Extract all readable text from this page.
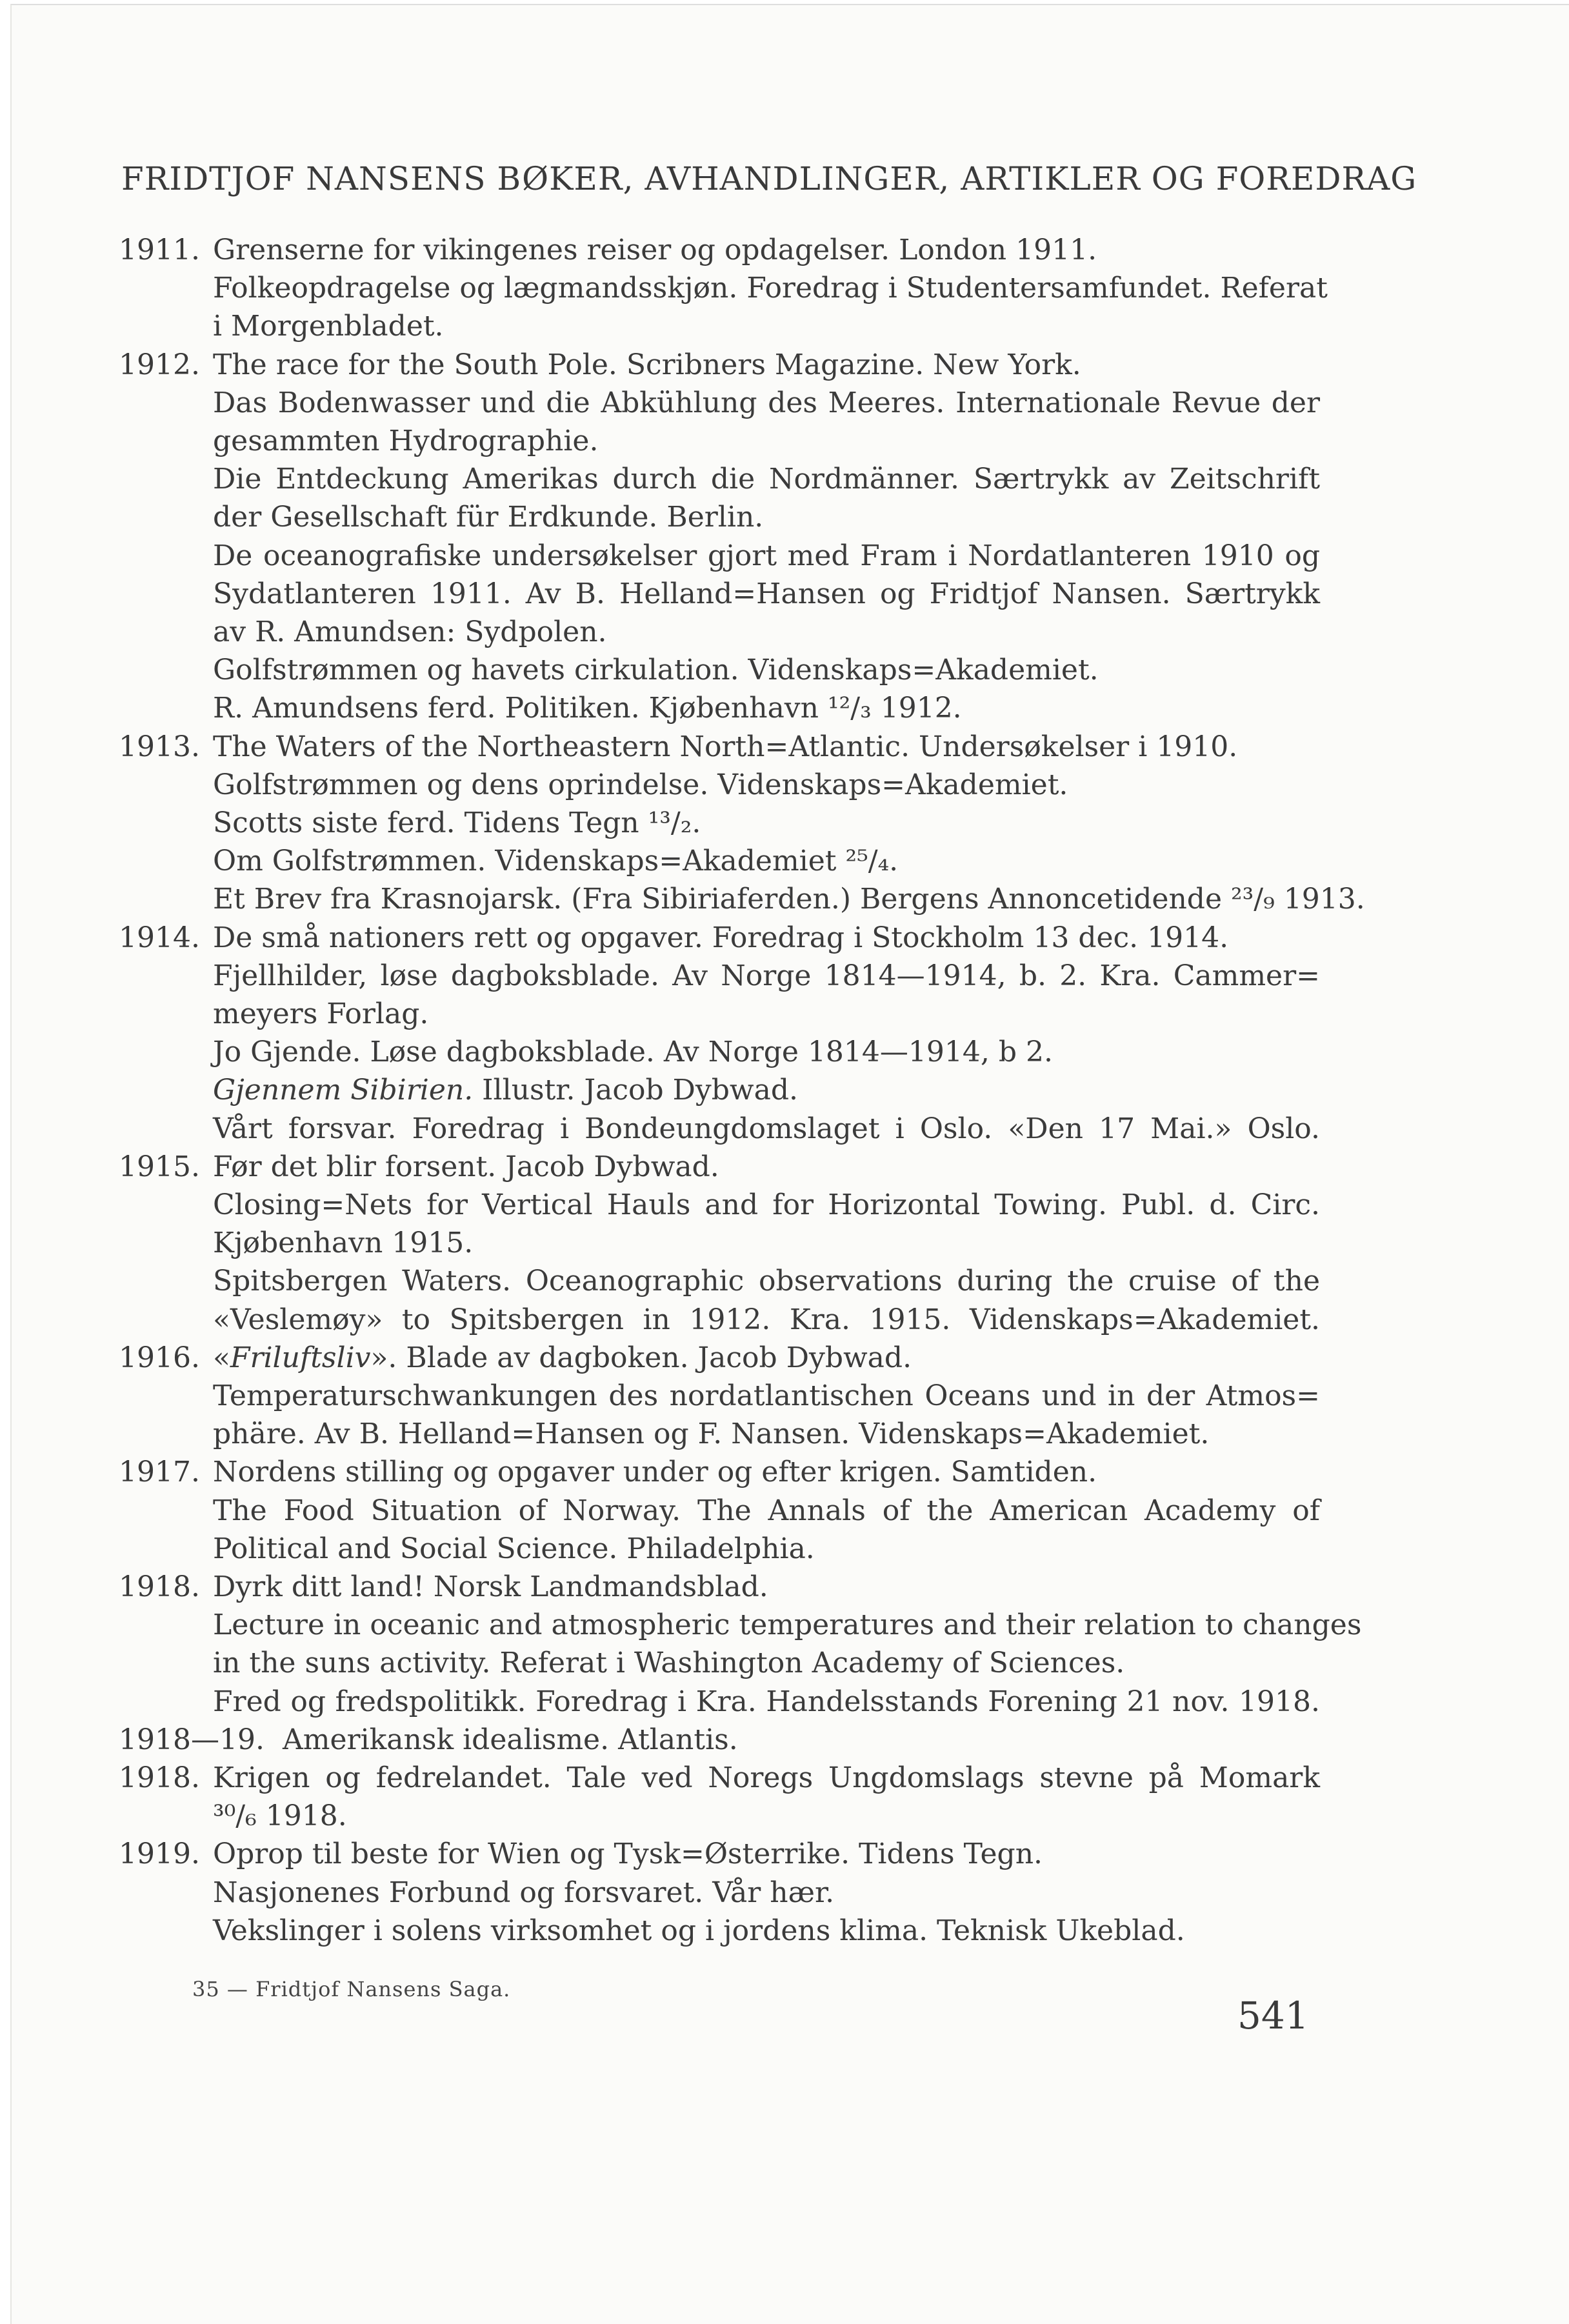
FRIDTJOF NANSENS BØKER, AVHANDLINGER, ARTIKLER OG FOREDRAG
1911. Grenserne for vikingenes reiser og opdagelser. London 1911.
Folkeopdragelse og lægmandsskjøn. Foredrag i Studentersamfundet. Referat
i Morgenbladet.
1912. The race for the South Pole. Scribners Magazine. New York.
Das Bodenwasser und die Abkühlung des Meeres. Internationale Revue der
gesammten Hydrographie.
Die Entdeckung Amerikas durch die Nordmänner. Særtrykk av Zeitschrift
der Gesellschaft für Erdkunde. Berlin.
De oceanografiske undersøkelser gjort med Fram i Nordatlanteren 1910 og
Sydatlanteren 1911. Av B. Helland=Hansen og Fridtjof Nansen. Særtrykk
av R. Amundsen: Sydpolen.
Golfstrømmen og havets cirkulation. Videnskaps=Akademiet.
R. Amundsens ferd. Politiken. Kjøbenhavn ¹²/₃ 1912.
1913. The Waters of the Northeastern North=Atlantic. Undersøkelser i 1910.
Golfstrømmen og dens oprindelse. Videnskaps=Akademiet.
Scotts siste ferd. Tidens Tegn ¹³/₂.
Om Golfstrømmen. Videnskaps=Akademiet ²⁵/₄.
Et Brev fra Krasnojarsk. (Fra Sibiriaferden.) Bergens Annoncetidende ²³/₉ 1913.
1914. De små nationers rett og opgaver. Foredrag i Stockholm 13 dec. 1914.
Fjellhilder, løse dagboksblade. Av Norge 1814—1914, b. 2. Kra. Cammer=
meyers Forlag.
Jo Gjende. Løse dagboksblade. Av Norge 1814—1914, b 2.
Gjennem Sibirien. Illustr. Jacob Dybwad.
Vårt forsvar. Foredrag i Bondeungdomslaget i Oslo. «Den 17 Mai.» Oslo.
1915. Før det blir forsent. Jacob Dybwad.
Closing=Nets for Vertical Hauls and for Horizontal Towing. Publ. d. Circ.
Kjøbenhavn 1915.
Spitsbergen Waters. Oceanographic observations during the cruise of the
«Veslemøy» to Spitsbergen in 1912. Kra. 1915. Videnskaps=Akademiet.
1916. «Friluftsliv». Blade av dagboken. Jacob Dybwad.
Temperaturschwankungen des nordatlantischen Oceans und in der Atmos=
phäre. Av B. Helland=Hansen og F. Nansen. Videnskaps=Akademiet.
1917. Nordens stilling og opgaver under og efter krigen. Samtiden.
The Food Situation of Norway. The Annals of the American Academy of
Political and Social Science. Philadelphia.
1918. Dyrk ditt land! Norsk Landmandsblad.
Lecture in oceanic and atmospheric temperatures and their relation to changes
in the suns activity. Referat i Washington Academy of Sciences.
Fred og fredspolitikk. Foredrag i Kra. Handelsstands Forening 21 nov. 1918.
1918—19. Amerikansk idealisme. Atlantis.
1918. Krigen og fedrelandet. Tale ved Noregs Ungdomslags stevne på Momark
³⁰/₆ 1918.
1919. Oprop til beste for Wien og Tysk=Østerrike. Tidens Tegn.
Nasjonenes Forbund og forsvaret. Vår hær.
Vekslinger i solens virksomhet og i jordens klima. Teknisk Ukeblad.
35 — Fridtjof Nansens Saga.
541
